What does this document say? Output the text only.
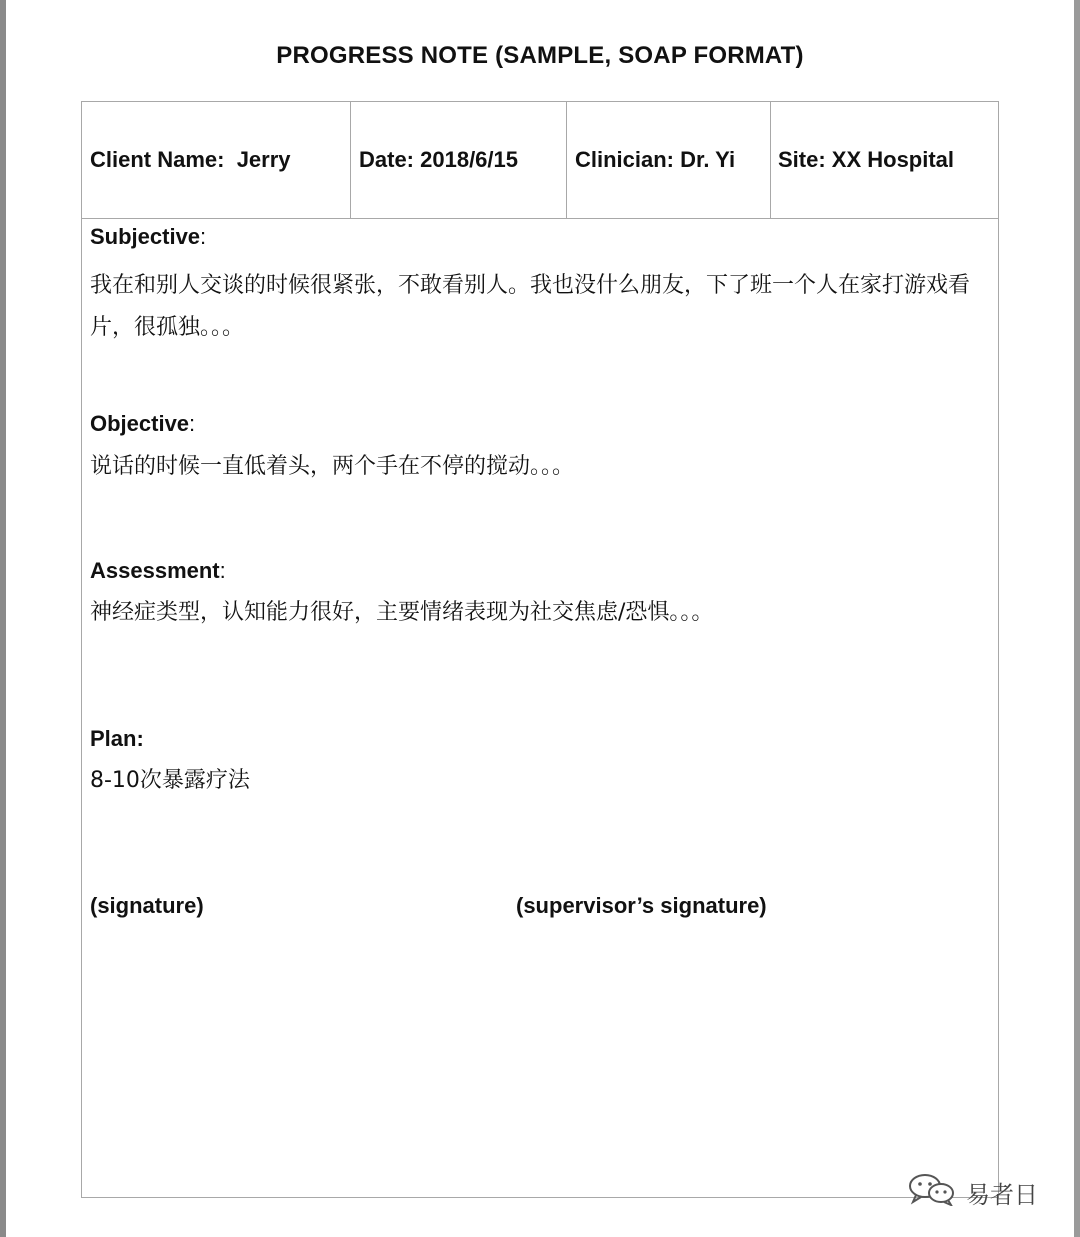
PROGRESS NOTE (SAMPLE, SOAP FORMAT)
Client Name:  Jerry	Date: 2018/6/15	Clinician: Dr. Yi Site: XX Hospital
Subjective:
我在和别人交谈的时候很紧张，不敢看别人。我也没什么朋友，下了班一个人在家打游戏看片，很孤独。。。
Objective:
说话的时候一直低着头，两个手在不停的搅动。。。
Assessment:
神经症类型，认知能力很好，主要情绪表现为社交焦虑/恐惧。。。
Plan:
8-10次暴露疗法
(signature)	(supervisor’s signature)
易者日
